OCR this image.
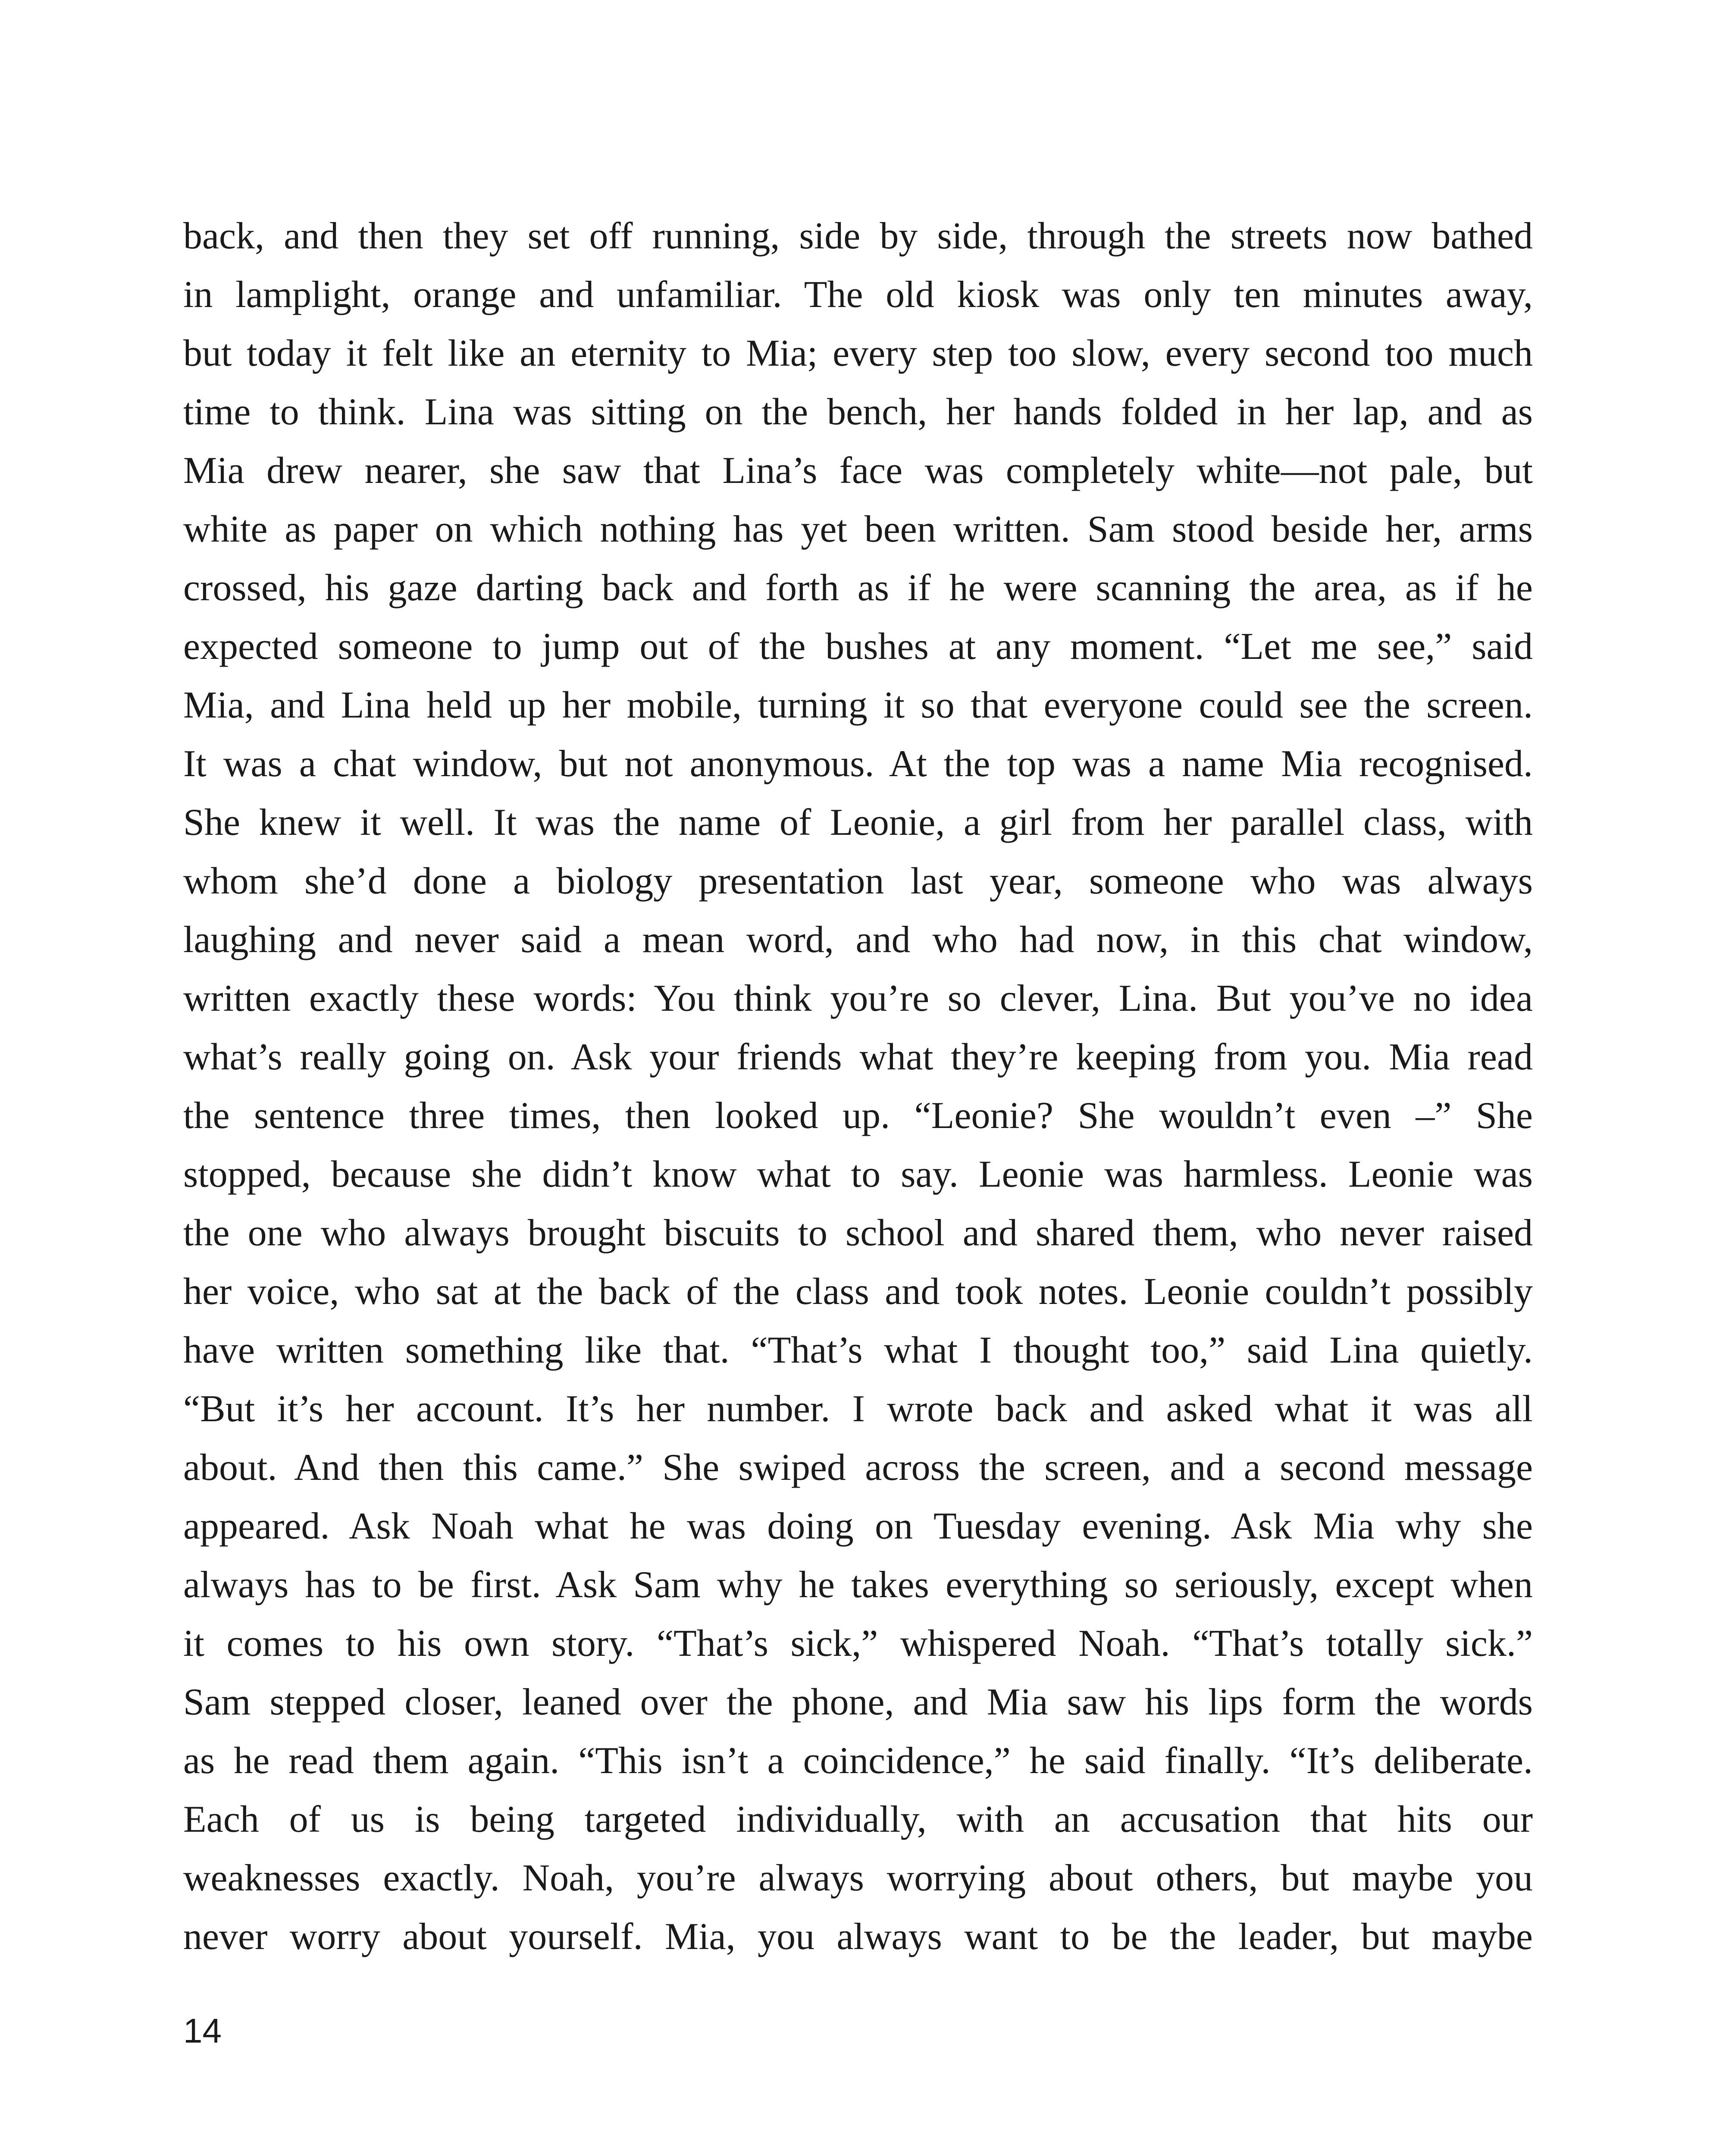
back, and then they set off running, side by side, through the streets now bathed
in lamplight, orange and unfamiliar. The old kiosk was only ten minutes away,
but today it felt like an eternity to Mia; every step too slow, every second too much
time to think. Lina was sitting on the bench, her hands folded in her lap, and as
Mia drew nearer, she saw that Lina’s face was completely white—not pale, but
white as paper on which nothing has yet been written. Sam stood beside her, arms
crossed, his gaze darting back and forth as if he were scanning the area, as if he
expected someone to jump out of the bushes at any moment. “Let me see,” said
Mia, and Lina held up her mobile, turning it so that everyone could see the screen.
It was a chat window, but not anonymous. At the top was a name Mia recognised.
She knew it well. It was the name of Leonie, a girl from her parallel class, with
whom she’d done a biology presentation last year, someone who was always
laughing and never said a mean word, and who had now, in this chat window,
written exactly these words: You think you’re so clever, Lina. But you’ve no idea
what’s really going on. Ask your friends what they’re keeping from you. Mia read
the sentence three times, then looked up. “Leonie? She wouldn’t even –” She
stopped, because she didn’t know what to say. Leonie was harmless. Leonie was
the one who always brought biscuits to school and shared them, who never raised
her voice, who sat at the back of the class and took notes. Leonie couldn’t possibly
have written something like that. “That’s what I thought too,” said Lina quietly.
“But it’s her account. It’s her number. I wrote back and asked what it was all
about. And then this came.” She swiped across the screen, and a second message
appeared. Ask Noah what he was doing on Tuesday evening. Ask Mia why she
always has to be first. Ask Sam why he takes everything so seriously, except when
it comes to his own story. “That’s sick,” whispered Noah. “That’s totally sick.”
Sam stepped closer, leaned over the phone, and Mia saw his lips form the words
as he read them again. “This isn’t a coincidence,” he said finally. “It’s deliberate.
Each of us is being targeted individually, with an accusation that hits our
weaknesses exactly. Noah, you’re always worrying about others, but maybe you
never worry about yourself. Mia, you always want to be the leader, but maybe
14
